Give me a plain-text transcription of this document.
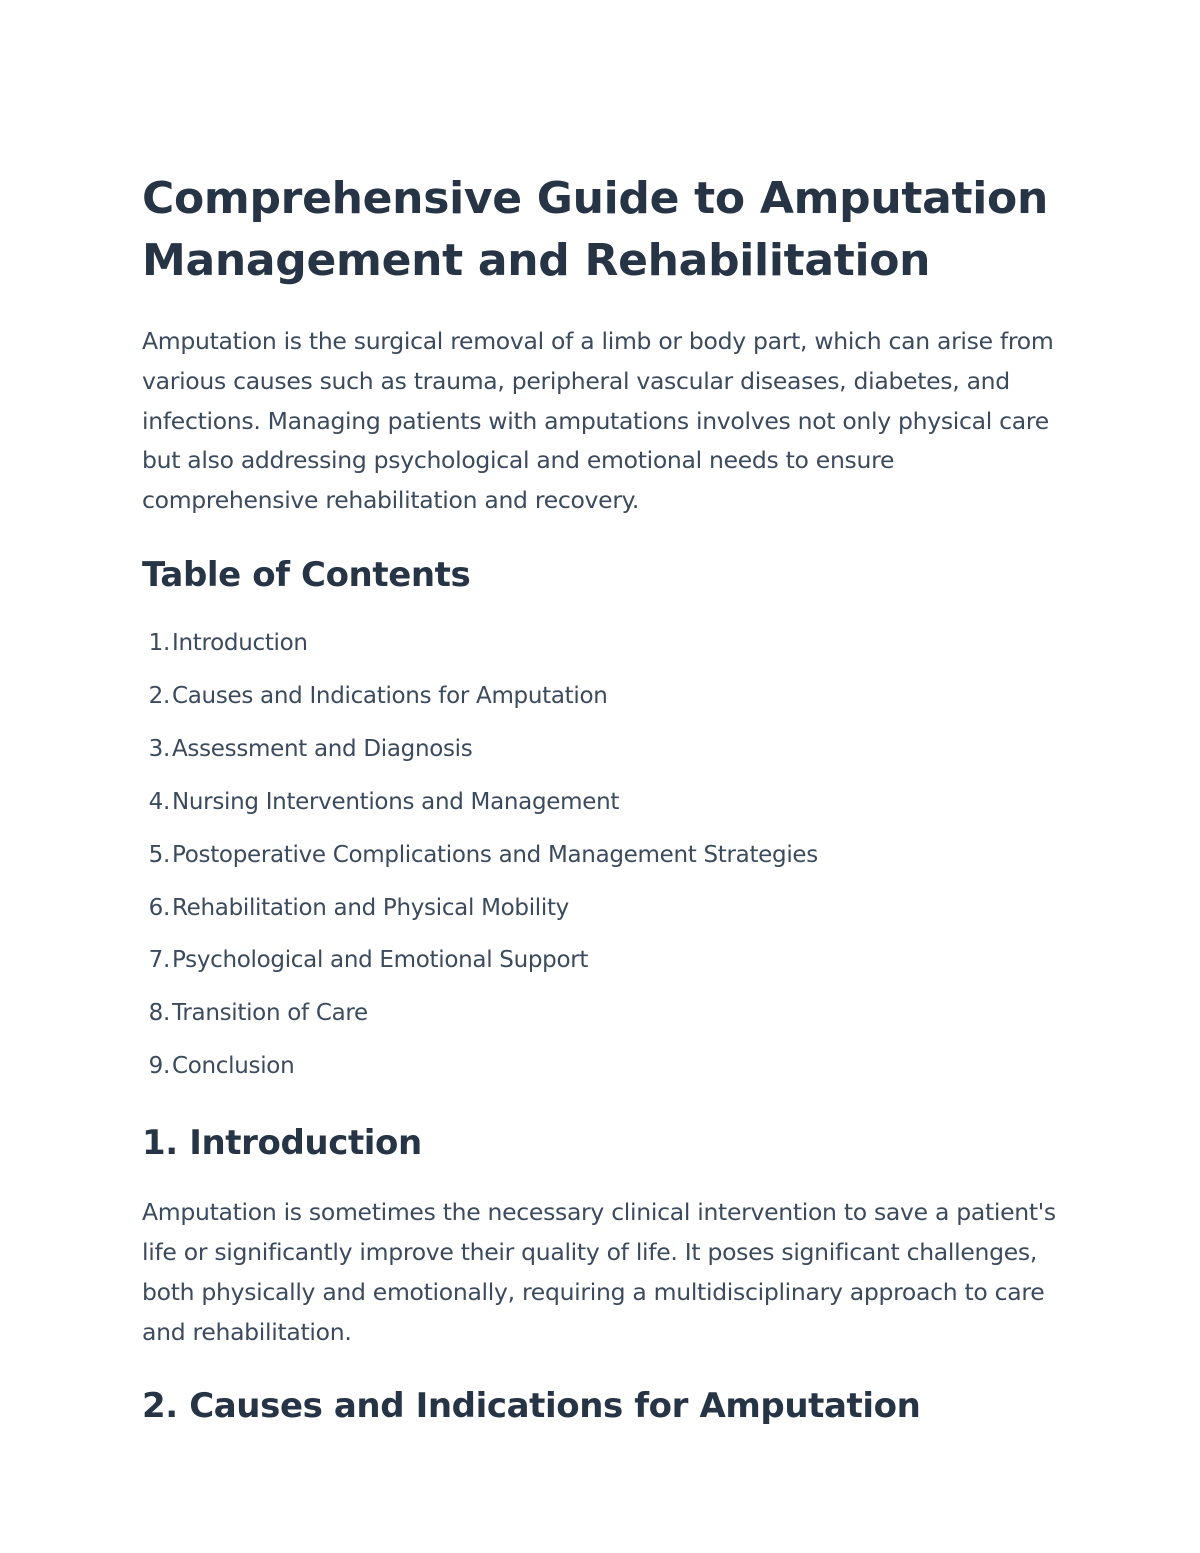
Comprehensive Guide to Amputation
Management and Rehabilitation

Amputation is the surgical removal of a limb or body part, which can arise from various causes such as trauma, peripheral vascular diseases, diabetes, and infections. Managing patients with amputations involves not only physical care but also addressing psychological and emotional needs to ensure comprehensive rehabilitation and recovery.

Table of Contents
1. Introduction
2. Causes and Indications for Amputation
3. Assessment and Diagnosis
4. Nursing Interventions and Management
5. Postoperative Complications and Management Strategies
6. Rehabilitation and Physical Mobility
7. Psychological and Emotional Support
8. Transition of Care
9. Conclusion
1. Introduction

Amputation is sometimes the necessary clinical intervention to save a patient's life or significantly improve their quality of life. It poses significant challenges, both physically and emotionally, requiring a multidisciplinary approach to care and rehabilitation.

2. Causes and Indications for Amputation
